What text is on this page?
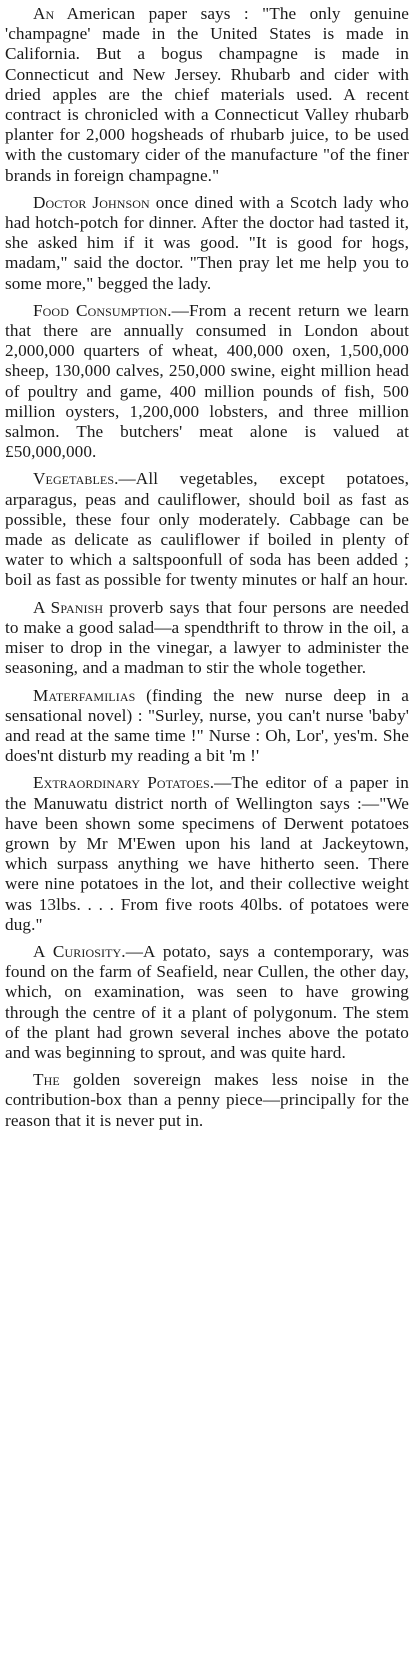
An American paper says : "The only genuine 'champagne' made in the United States is made in California. But a bogus champagne is made in Connecticut and New Jersey. Rhubarb and cider with dried apples are the chief materials used. A recent contract is chronicled with a Connecticut Valley rhubarb planter for 2,000 hogsheads of rhubarb juice, to be used with the customary cider of the manufacture "of the finer brands in foreign champagne."

Doctor Johnson once dined with a Scotch lady who had hotch-potch for dinner. After the doctor had tasted it, she asked him if it was good. "It is good for hogs, madam," said the doctor. "Then pray let me help you to some more," begged the lady.

Food Consumption.—From a recent return we learn that there are annually consumed in London about 2,000,000 quarters of wheat, 400,000 oxen, 1,500,000 sheep, 130,000 calves, 250,000 swine, eight million head of poultry and game, 400 million pounds of fish, 500 million oysters, 1,200,000 lobsters, and three million salmon. The butchers' meat alone is valued at £50,000,000.

Vegetables.—All vegetables, except potatoes, arparagus, peas and cauliflower, should boil as fast as possible, these four only moderately. Cabbage can be made as delicate as cauliflower if boiled in plenty of water to which a saltspoonfull of soda has been added ; boil as fast as possible for twenty minutes or half an hour.

A Spanish proverb says that four persons are needed to make a good salad—a spendthrift to throw in the oil, a miser to drop in the vinegar, a lawyer to administer the seasoning, and a madman to stir the whole together.

Materfamilias (finding the new nurse deep in a sensational novel) : "Surley, nurse, you can't nurse 'baby' and read at the same time !" Nurse : Oh, Lor', yes'm. She does'nt disturb my reading a bit 'm !'

Extraordinary Potatoes.—The editor of a paper in the Manuwatu district north of Wellington says :—"We have been shown some specimens of Derwent potatoes grown by Mr M'Ewen upon his land at Jackeytown, which surpass anything we have hitherto seen. There were nine potatoes in the lot, and their collective weight was 13lbs. . . . From five roots 40lbs. of potatoes were dug."

A Curiosity.—A potato, says a contemporary, was found on the farm of Seafield, near Cullen, the other day, which, on examination, was seen to have growing through the centre of it a plant of polygonum. The stem of the plant had grown several inches above the potato and was beginning to sprout, and was quite hard.

The golden sovereign makes less noise in the contribution-box than a penny piece—principally for the reason that it is never put in.
